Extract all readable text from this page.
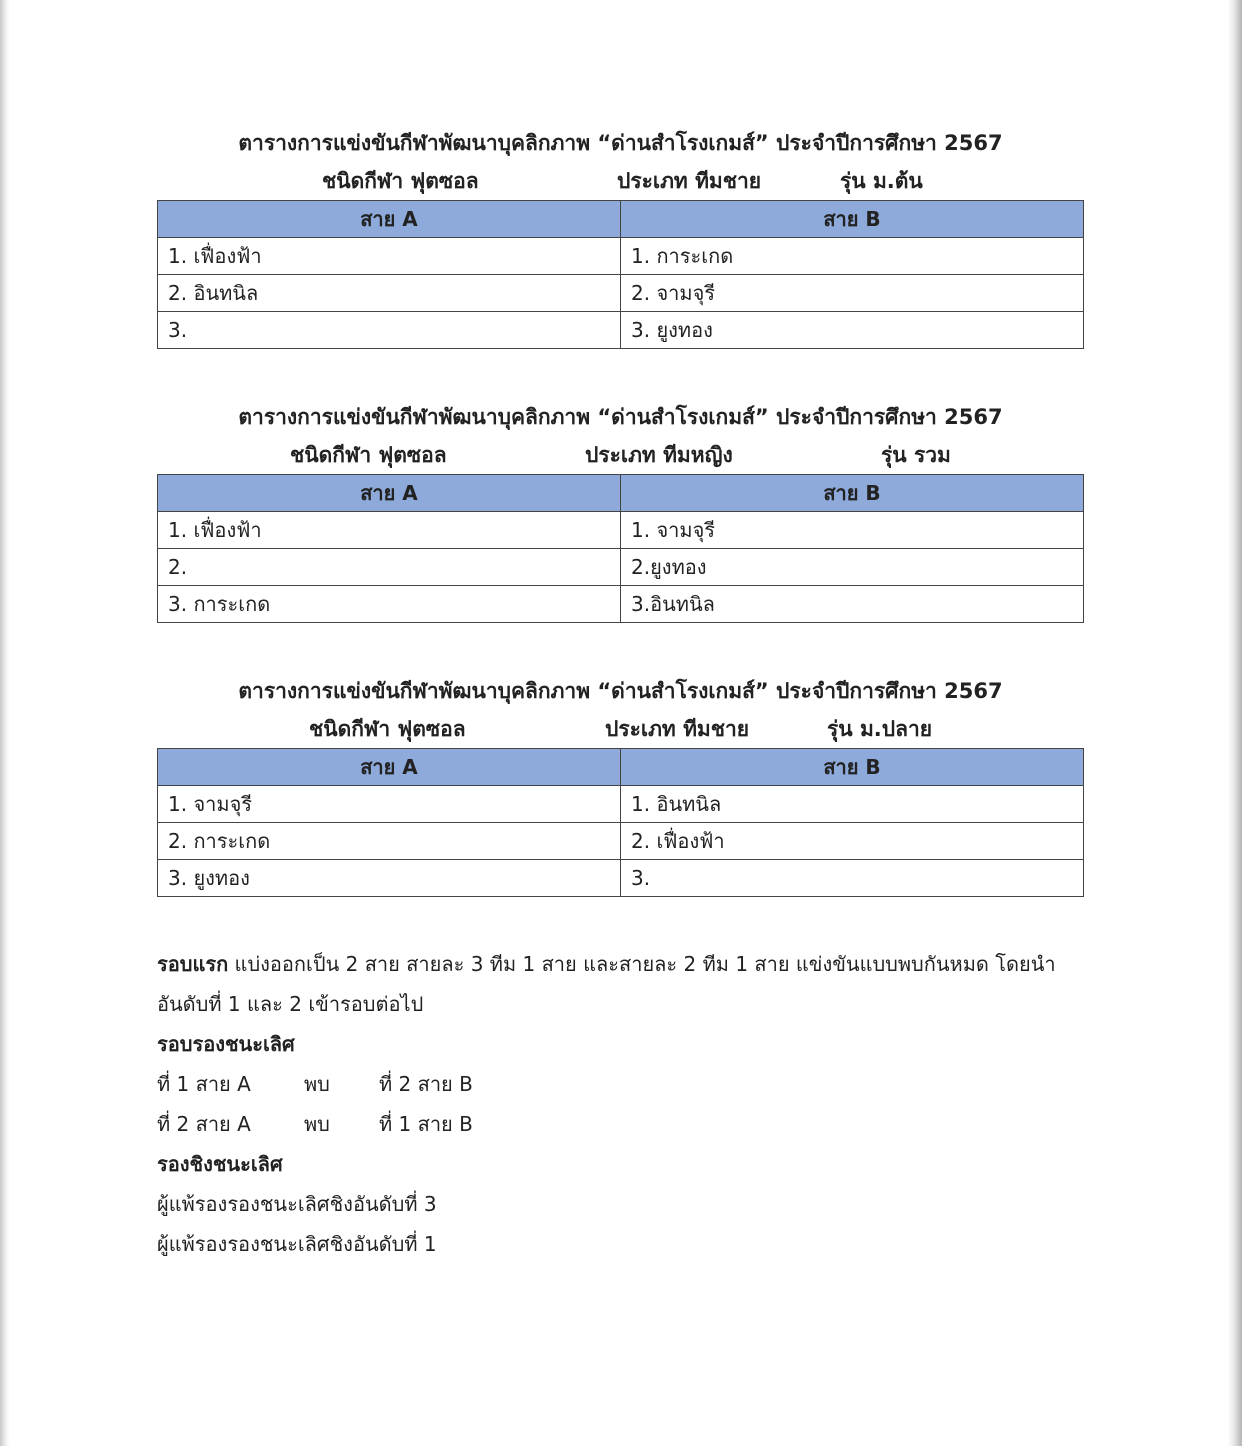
ตารางการแข่งขันกีฬาพัฒนาบุคลิกภาพ “ด่านสำโรงเกมส์” ประจำปีการศึกษา 2567
ชนิดกีฬา ฟุตซอล	ประเภท ทีมชาย	รุ่น ม.ต้น
สาย A	สาย B
1. เฟื่องฟ้า	1. การะเกด
2. อินทนิล	2. จามจุรี
3.	3. ยูงทอง
ตารางการแข่งขันกีฬาพัฒนาบุคลิกภาพ “ด่านสำโรงเกมส์” ประจำปีการศึกษา 2567
ชนิดกีฬา ฟุตซอล	ประเภท ทีมหญิง	รุ่น รวม
สาย A	สาย B
1. เฟื่องฟ้า	1. จามจุรี
2.	2.ยูงทอง
3. การะเกด	3.อินทนิล
ตารางการแข่งขันกีฬาพัฒนาบุคลิกภาพ “ด่านสำโรงเกมส์” ประจำปีการศึกษา 2567
ชนิดกีฬา ฟุตซอล	ประเภท ทีมชาย	รุ่น ม.ปลาย
สาย A	สาย B
1. จามจุรี	1. อินทนิล
2. การะเกด	2. เฟื่องฟ้า
3. ยูงทอง	3.
รอบแรก แบ่งออกเป็น 2 สาย สายละ 3 ทีม 1 สาย และสายละ 2 ทีม 1 สาย แข่งขันแบบพบกันหมด โดยนำ
อันดับที่ 1 และ 2 เข้ารอบต่อไป
รอบรองชนะเลิศ
ที่ 1 สาย A	พบ ที่ 2 สาย B
ที่ 2 สาย A	พบ ที่ 1 สาย B
รองชิงชนะเลิศ
ผู้แพ้รองรองชนะเลิศชิงอันดับที่ 3
ผู้แพ้รองรองชนะเลิศชิงอันดับที่ 1
